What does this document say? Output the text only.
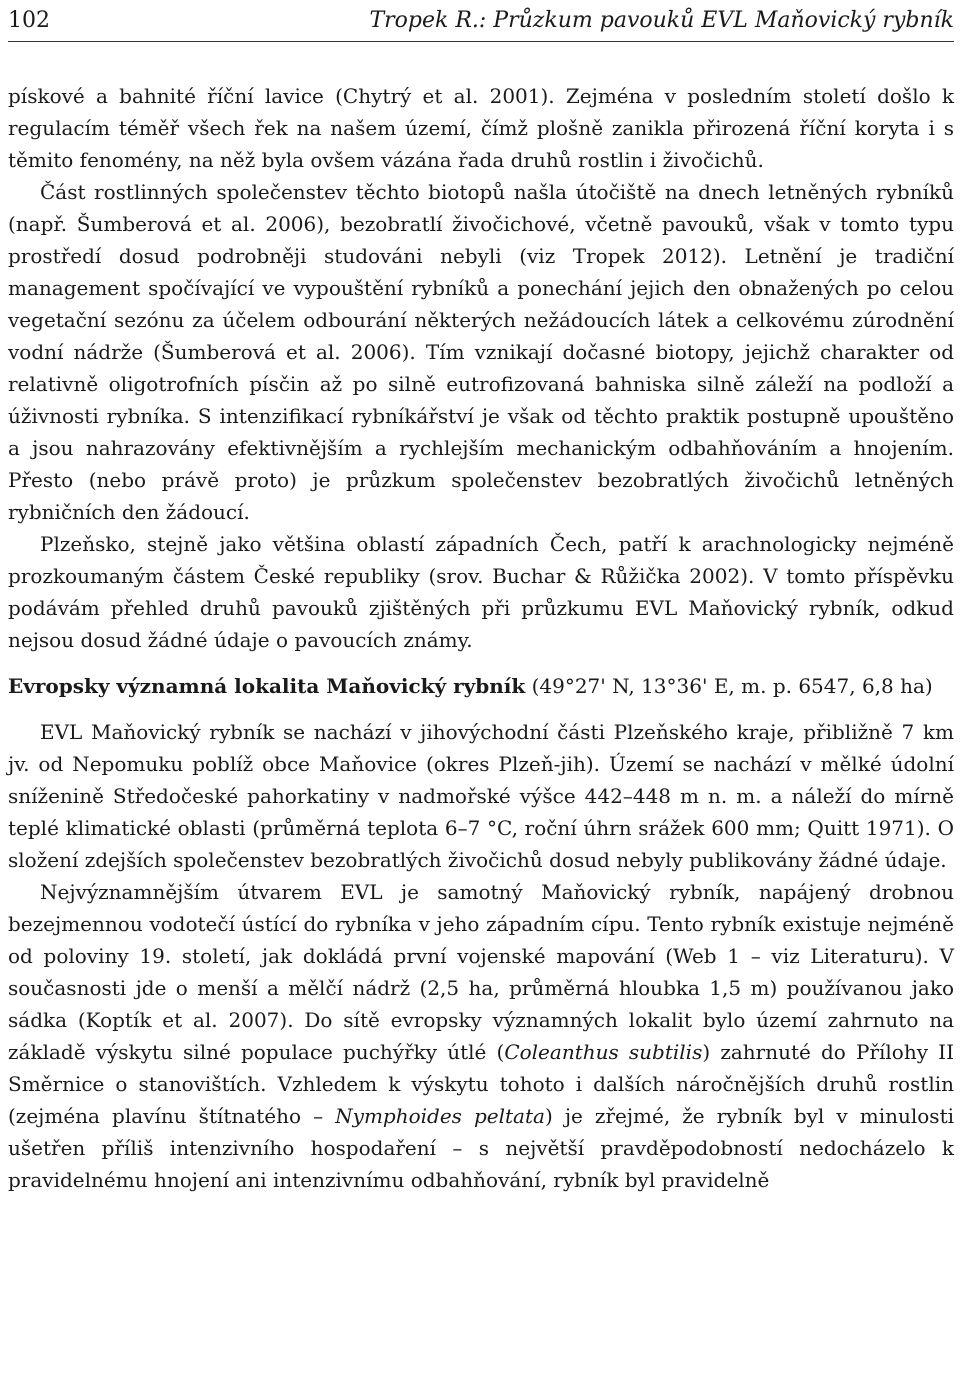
102	Tropek R.: Průzkum pavouků EVL Maňovický rybník

pískové a bahnité říční lavice (Chytrý et al. 2001). Zejména v posledním století došlo k regulacím téměř všech řek na našem území, čímž plošně zanikla přirozená říční koryta i s těmito fenomény, na něž byla ovšem vázána řada druhů rostlin i živočichů.

Část rostlinných společenstev těchto biotopů našla útočiště na dnech letněných rybníků (např. Šumberová et al. 2006), bezobratlí živočichové, včetně pavouků, však v tomto typu prostředí dosud podrobněji studováni nebyli (viz Tropek 2012). Letnění je tradiční management spočívající ve vypouštění rybníků a ponechání jejich den obnažených po celou vegetační sezónu za účelem odbourání některých nežádoucích látek a celkovému zúrodnění vodní nádrže (Šumberová et al. 2006). Tím vznikají dočasné biotopy, jejichž charakter od relativně oligotrofních písčin až po silně eutrofizovaná bahniska silně záleží na podloží a úživnosti rybníka. S intenzifikací rybníkářství je však od těchto praktik postupně upouštěno a jsou nahrazovány efektivnějším a rychlejším mechanickým odbahňováním a hnojením. Přesto (nebo právě proto) je průzkum společenstev bezobratlých živočichů letněných rybničních den žádoucí.

Plzeňsko, stejně jako většina oblastí západních Čech, patří k arachnologicky nejméně prozkoumaným částem České republiky (srov. Buchar & Růžička 2002). V tomto příspěvku podávám přehled druhů pavouků zjištěných při průzkumu EVL Maňovický rybník, odkud nejsou dosud žádné údaje o pavoucích známy.

Evropsky významná lokalita Maňovický rybník (49°27' N, 13°36' E, m. p. 6547, 6,8 ha)

EVL Maňovický rybník se nachází v jihovýchodní části Plzeňského kraje, přibližně 7 km jv. od Nepomuku poblíž obce Maňovice (okres Plzeň-jih). Území se nachází v mělké údolní sníženině Středočeské pahorkatiny v nadmořské výšce 442–448 m n. m. a náleží do mírně teplé klimatické oblasti (průměrná teplota 6–7 °C, roční úhrn srážek 600 mm; Quitt 1971). O složení zdejších společenstev bezobratlých živočichů dosud nebyly publikovány žádné údaje.

Nejvýznamnějším útvarem EVL je samotný Maňovický rybník, napájený drobnou bezejmennou vodotečí ústící do rybníka v jeho západním cípu. Tento rybník existuje nejméně od poloviny 19. století, jak dokládá první vojenské mapování (Web 1 – viz Literaturu). V současnosti jde o menší a mělčí nádrž (2,5 ha, průměrná hloubka 1,5 m) používanou jako sádka (Koptík et al. 2007). Do sítě evropsky významných lokalit bylo území zahrnuto na základě výskytu silné populace puchýřky útlé (Coleanthus subtilis) zahrnuté do Přílohy II Směrnice o stanovištích. Vzhledem k výskytu tohoto i dalších náročnějších druhů rostlin (zejména plavínu štítnatého – Nymphoides peltata) je zřejmé, že rybník byl v minulosti ušetřen příliš intenzivního hospodaření – s největší pravděpodobností nedocházelo k pravidelnému hnojení ani intenzivnímu odbahňování, rybník byl pravidelně
